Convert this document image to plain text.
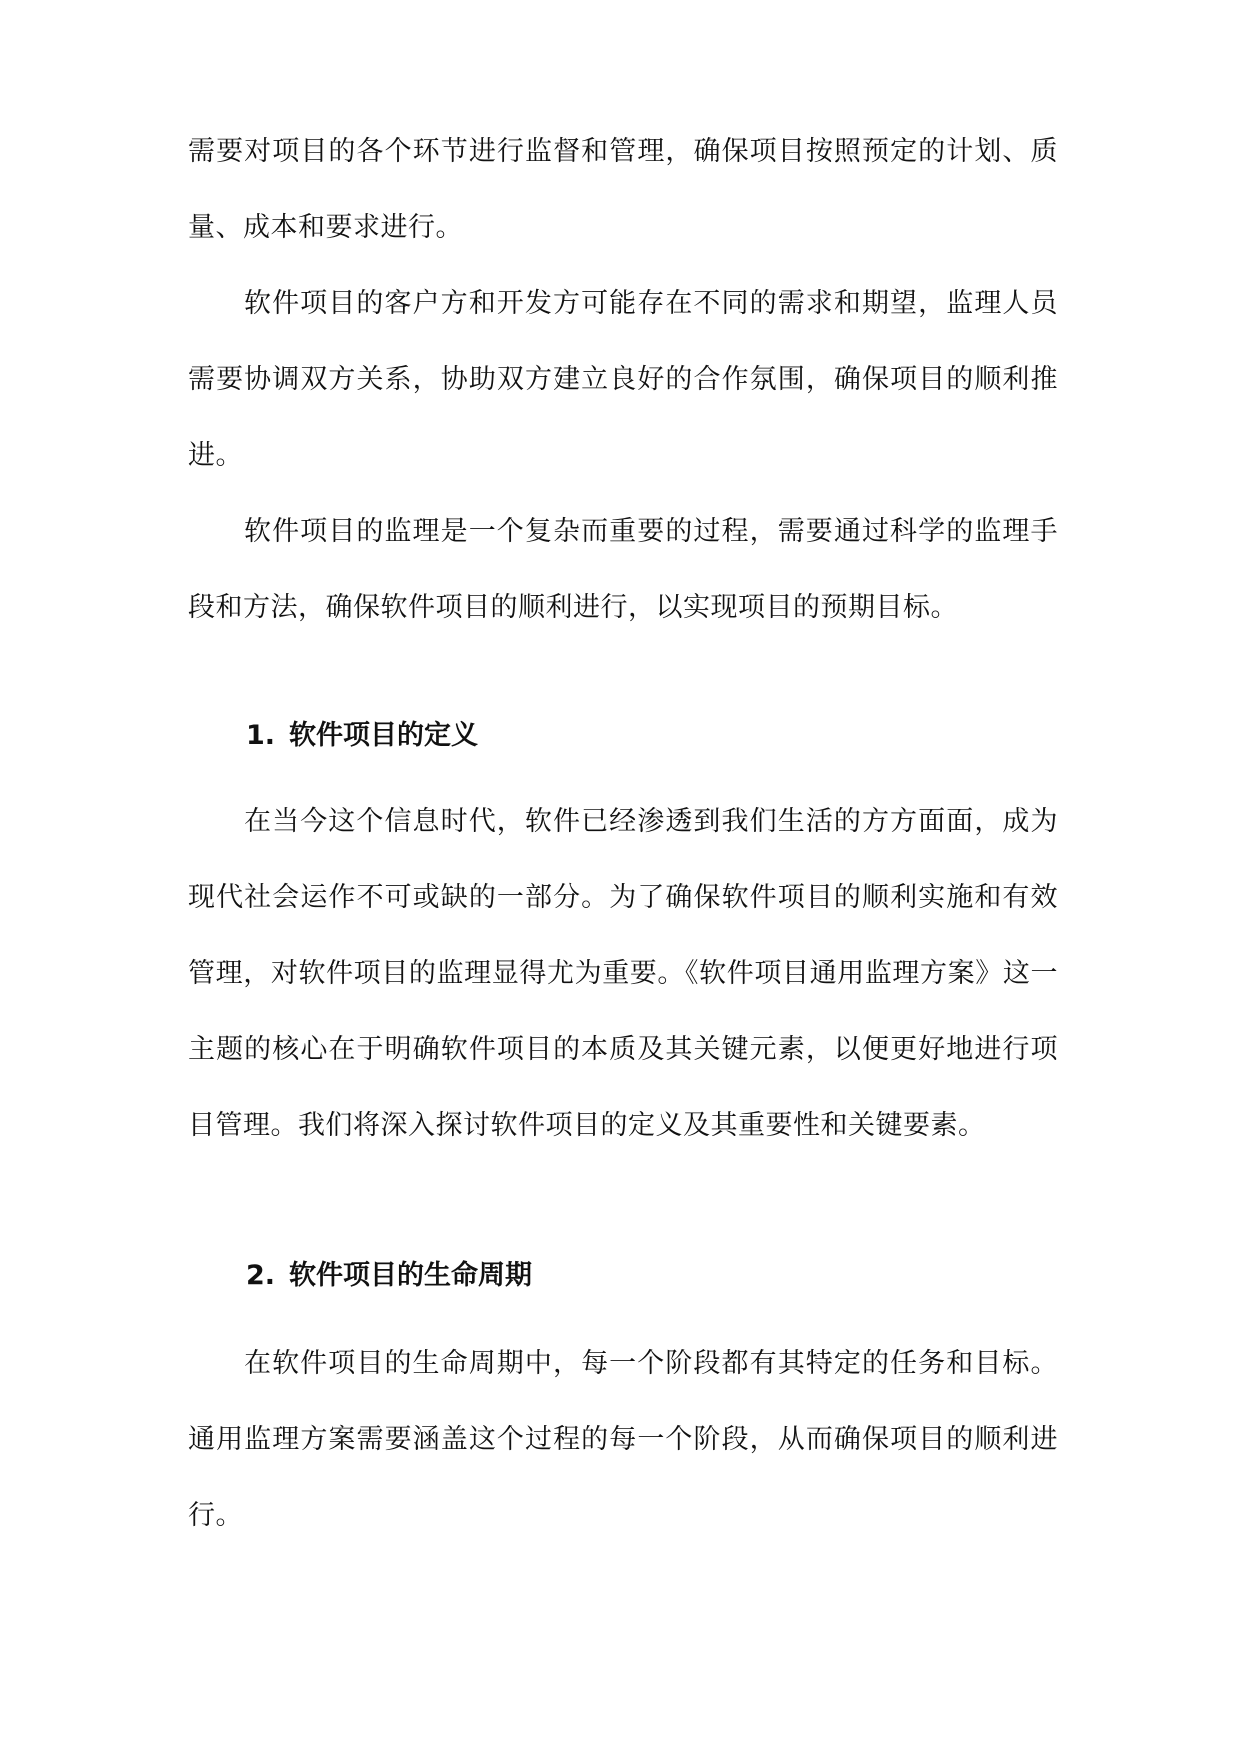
需要对项目的各个环节进行监督和管理，确保项目按照预定的计划、质量、成本和要求进行。

软件项目的客户方和开发方可能存在不同的需求和期望，监理人员需要协调双方关系，协助双方建立良好的合作氛围，确保项目的顺利推进。

软件项目的监理是一个复杂而重要的过程，需要通过科学的监理手段和方法，确保软件项目的顺利进行，以实现项目的预期目标。

1. 软件项目的定义

在当今这个信息时代，软件已经渗透到我们生活的方方面面，成为现代社会运作不可或缺的一部分。为了确保软件项目的顺利实施和有效管理，对软件项目的监理显得尤为重要。《软件项目通用监理方案》这一主题的核心在于明确软件项目的本质及其关键元素，以便更好地进行项目管理。我们将深入探讨软件项目的定义及其重要性和关键要素。

2. 软件项目的生命周期

在软件项目的生命周期中，每一个阶段都有其特定的任务和目标。通用监理方案需要涵盖这个过程的每一个阶段，从而确保项目的顺利进行。
